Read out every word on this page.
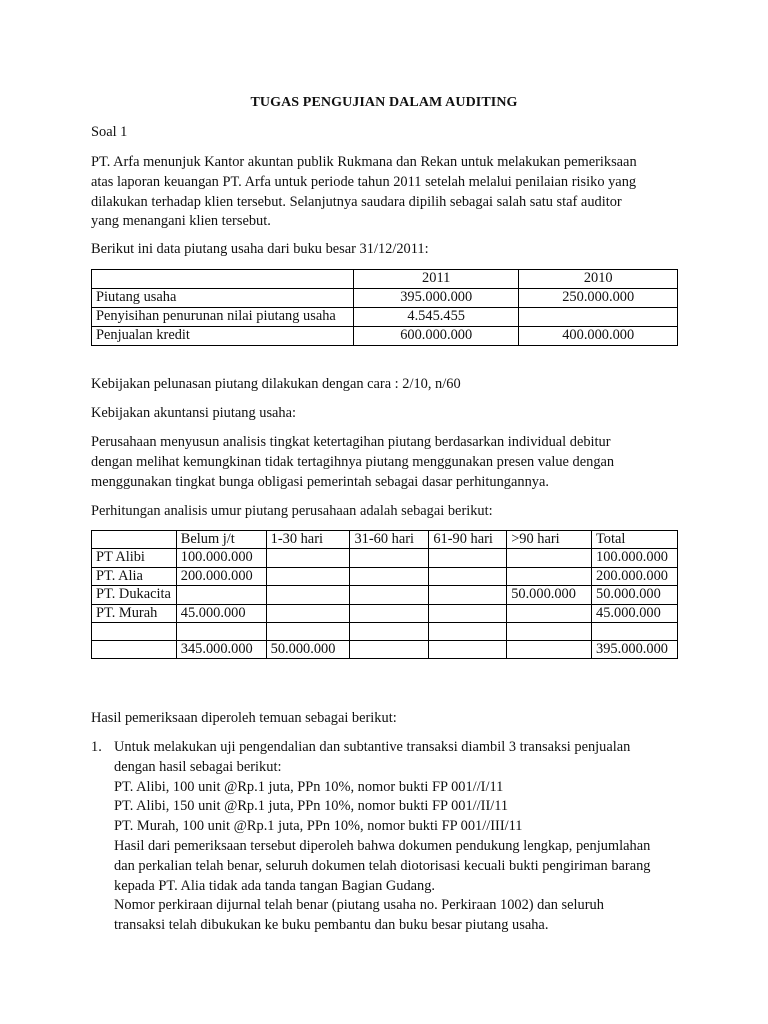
TUGAS PENGUJIAN DALAM AUDITING
Soal 1
PT. Arfa menunjuk Kantor akuntan publik Rukmana dan Rekan untuk melakukan pemeriksaan
atas laporan keuangan PT. Arfa untuk periode tahun 2011 setelah melalui penilaian risiko yang
dilakukan terhadap klien tersebut. Selanjutnya saudara dipilih sebagai salah satu staf auditor
yang menangani klien tersebut.
Berikut ini data piutang usaha dari buku besar 31/12/2011:
	2011	2010
Piutang usaha	395.000.000	250.000.000
Penyisihan penurunan nilai piutang usaha	4.545.455	
Penjualan kredit	600.000.000	400.000.000
Kebijakan pelunasan piutang dilakukan dengan cara : 2/10, n/60
Kebijakan akuntansi piutang usaha:
Perusahaan menyusun analisis tingkat ketertagihan piutang berdasarkan individual debitur
dengan melihat kemungkinan tidak tertagihnya piutang menggunakan presen value dengan
menggunakan tingkat bunga obligasi pemerintah sebagai dasar perhitungannya.
Perhitungan analisis umur piutang perusahaan adalah sebagai berikut:
	Belum j/t	1-30 hari	31-60 hari	61-90 hari	>90 hari	Total
PT Alibi	100.000.000					100.000.000
PT. Alia	200.000.000					200.000.000
PT. Dukacita					50.000.000	50.000.000
PT. Murah	45.000.000					45.000.000

	345.000.000	50.000.000				395.000.000
Hasil pemeriksaan diperoleh temuan sebagai berikut:
1. Untuk melakukan uji pengendalian dan subtantive transaksi diambil 3 transaksi penjualan
dengan hasil sebagai berikut:
PT. Alibi, 100 unit @Rp.1 juta, PPn 10%, nomor bukti FP 001//I/11
PT. Alibi, 150 unit @Rp.1 juta, PPn 10%, nomor bukti FP 001//II/11
PT. Murah, 100 unit @Rp.1 juta, PPn 10%, nomor bukti FP 001//III/11
Hasil dari pemeriksaan tersebut diperoleh bahwa dokumen pendukung lengkap, penjumlahan
dan perkalian telah benar, seluruh dokumen telah diotorisasi kecuali bukti pengiriman barang
kepada PT. Alia tidak ada tanda tangan Bagian Gudang.
Nomor perkiraan dijurnal telah benar (piutang usaha no. Perkiraan 1002) dan seluruh
transaksi telah dibukukan ke buku pembantu dan buku besar piutang usaha.
